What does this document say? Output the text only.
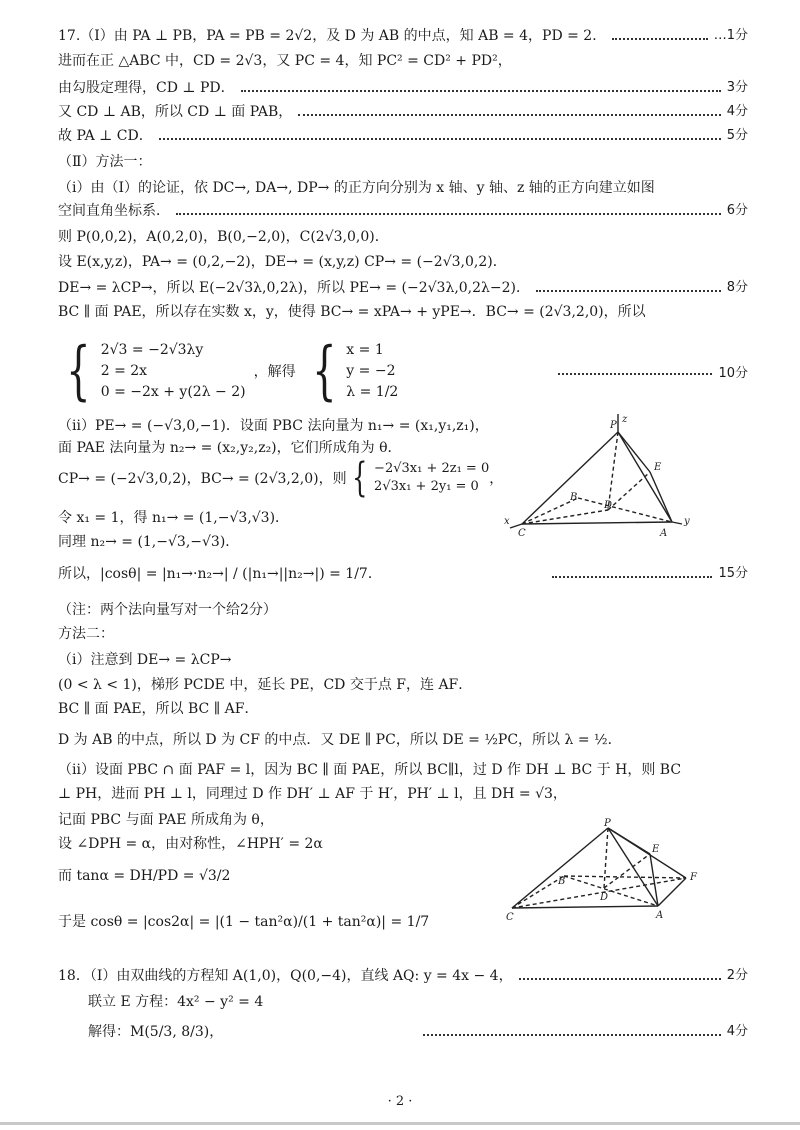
17.（Ⅰ）由 PA ⊥ PB，PA = PB = 2√2，及 D 为 AB 的中点，知 AB = 4，PD = 2．	…1分
进而在正 △ABC 中，CD = 2√3，又 PC = 4，知 PC² = CD² + PD²，
由勾股定理得，CD ⊥ PD．	3分
又 CD ⊥ AB，所以 CD ⊥ 面 PAB，	4分
故 PA ⊥ CD．	5分
（Ⅱ）方法一：
（ⅰ）由（Ⅰ）的论证，依 DC→, DA→, DP→ 的正方向分别为 x 轴、y 轴、z 轴的正方向建立如图
空间直角坐标系．	6分
则 P(0,0,2)，A(0,2,0)，B(0,−2,0)，C(2√3,0,0)．
设 E(x,y,z)，PA→ = (0,2,−2)，DE→ = (x,y,z) CP→ = (−2√3,0,2)．
DE→ = λCP→，所以 E(−2√3λ,0,2λ)，所以 PE→ = (−2√3λ,0,2λ−2)．	8分
BC ∥ 面 PAE，所以存在实数 x，y，使得 BC→ = xPA→ + yPE→．BC→ = (2√3,2,0)，所以
{ 2√3 = −2√3λy
2 = 2x
0 = −2x + y(2λ − 2)
，解得 { x = 1
y = −2
λ = 1/2
10分
（ⅱ）PE→ = (−√3,0,−1)．设面 PBC 法向量为 n₁→ = (x₁,y₁,z₁)，
面 PAE 法向量为 n₂→ = (x₂,y₂,z₂)，它们所成角为 θ．
CP→ = (−2√3,0,2)，BC→ = (2√3,2,0)，则 { −2√3x₁ + 2z₁ = 0
2√3x₁ + 2y₁ = 0 ，
令 x₁ = 1，得 n₁→ = (1,−√3,√3)．
同理 n₂→ = (1,−√3,−√3)．
所以，|cosθ| = |n₁→·n₂→| / (|n₁→||n₂→|) = 1/7．	15分
（注：两个法向量写对一个给2分）
方法二：
（ⅰ）注意到 DE→ = λCP→
(0 < λ < 1)，梯形 PCDE 中，延长 PE，CD 交于点 F，连 AF．
BC ∥ 面 PAE，所以 BC ∥ AF．
D 为 AB 的中点，所以 D 为 CF 的中点．又 DE ∥ PC，所以 DE = ½PC，所以 λ = ½．
（ⅱ）设面 PBC ∩ 面 PAF = l，因为 BC ∥ 面 PAE，所以 BC∥l，过 D 作 DH ⊥ BC 于 H，则 BC
⊥ PH，进而 PH ⊥ l，同理过 D 作 DH′ ⊥ AF 于 H′，PH′ ⊥ l，且 DH = √3，
记面 PBC 与面 PAE 所成角为 θ，
设 ∠DPH = α，由对称性，∠HPH′ = 2α
而 tanα = DH/PD = √3/2
于是 cosθ = |cos2α| = |(1 − tan²α)/(1 + tan²α)| = 1/7
18．（Ⅰ）由双曲线的方程知 A(1,0)，Q(0,−4)，直线 AQ: y = 4x − 4，	2分
联立 E 方程：4x² − y² = 4
解得：M(5/3, 8/3)，	4分
z
P
E
B
D
x
C	A
y
P
E
B	F
D
C	A
· 2 ·
